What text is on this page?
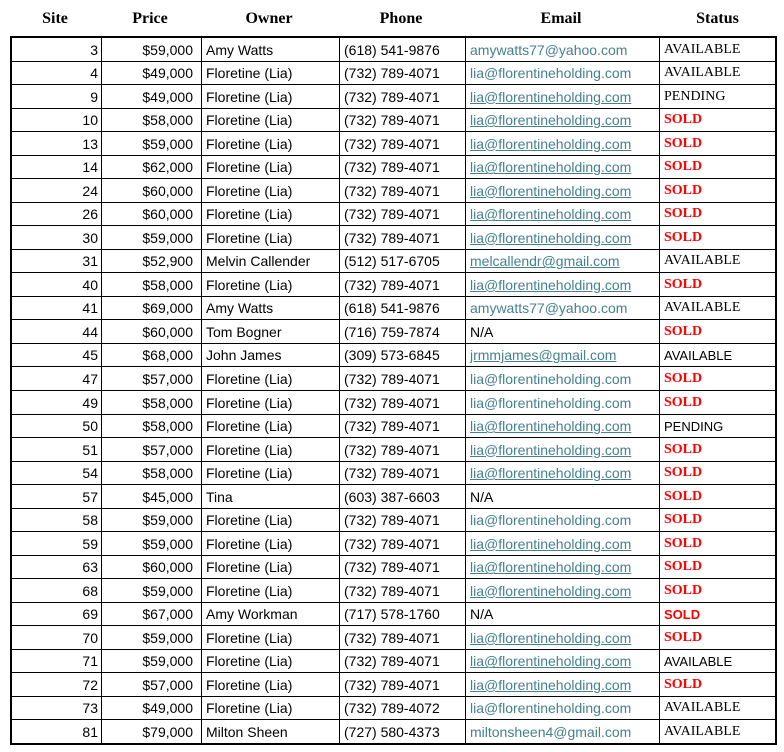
Site	Price	Owner	Phone	Email	Status
3	$59,000 Amy Watts	(618) 541-9876	amywatts77@yahoo.com	AVAILABLE
4	$49,000 Floretine (Lia)	(732) 789-4071	lia@florentineholding.com AVAILABLE
9	$49,000 Floretine (Lia)	(732) 789-4071	lia@florentineholding.com PENDING
10	$58,000 Floretine (Lia)	(732) 789-4071	lia@florentineholding.com SOLD
13	$59,000 Floretine (Lia)	(732) 789-4071	lia@florentineholding.com SOLD
14	$62,000 Floretine (Lia)	(732) 789-4071	lia@florentineholding.com SOLD
24	$60,000 Floretine (Lia)	(732) 789-4071	lia@florentineholding.com SOLD
26	$60,000 Floretine (Lia)	(732) 789-4071	lia@florentineholding.com SOLD
30	$59,000 Floretine (Lia)	(732) 789-4071	lia@florentineholding.com SOLD
31	$52,900 Melvin Callender	(512) 517-6705	melcallendr@gmail.com	AVAILABLE
40	$58,000 Floretine (Lia)	(732) 789-4071	lia@florentineholding.com SOLD
41	$69,000 Amy Watts	(618) 541-9876	amywatts77@yahoo.com	AVAILABLE
44	$60,000 Tom Bogner	(716) 759-7874	N/A	SOLD
45	$68,000 John James	(309) 573-6845	jrmmjames@gmail.com	AVAILABLE
47	$57,000 Floretine (Lia)	(732) 789-4071	lia@florentineholding.com SOLD
49	$58,000 Floretine (Lia)	(732) 789-4071	lia@florentineholding.com SOLD
50	$58,000 Floretine (Lia)	(732) 789-4071	lia@florentineholding.com	PENDING
51	$57,000 Floretine (Lia)	(732) 789-4071	lia@florentineholding.com SOLD
54	$58,000 Floretine (Lia)	(732) 789-4071	lia@florentineholding.com SOLD
57	$45,000 Tina	(603) 387-6603	N/A	SOLD
58	$59,000 Floretine (Lia)	(732) 789-4071	lia@florentineholding.com SOLD
59	$59,000 Floretine (Lia)	(732) 789-4071	lia@florentineholding.com SOLD
63	$60,000 Floretine (Lia)	(732) 789-4071	lia@florentineholding.com SOLD
68	$59,000 Floretine (Lia)	(732) 789-4071	lia@florentineholding.com SOLD
69	$67,000 Amy Workman	(717) 578-1760	N/A	SOLD
70	$59,000 Floretine (Lia)	(732) 789-4071	lia@florentineholding.com SOLD
71	$59,000 Floretine (Lia)	(732) 789-4071	lia@florentineholding.com	AVAILABLE
72	$57,000 Floretine (Lia)	(732) 789-4071	lia@florentineholding.com SOLD
73	$49,000 Floretine (Lia)	(732) 789-4072	lia@florentineholding.com AVAILABLE
81	$79,000 Milton Sheen	(727) 580-4373	miltonsheen4@gmail.com AVAILABLE
